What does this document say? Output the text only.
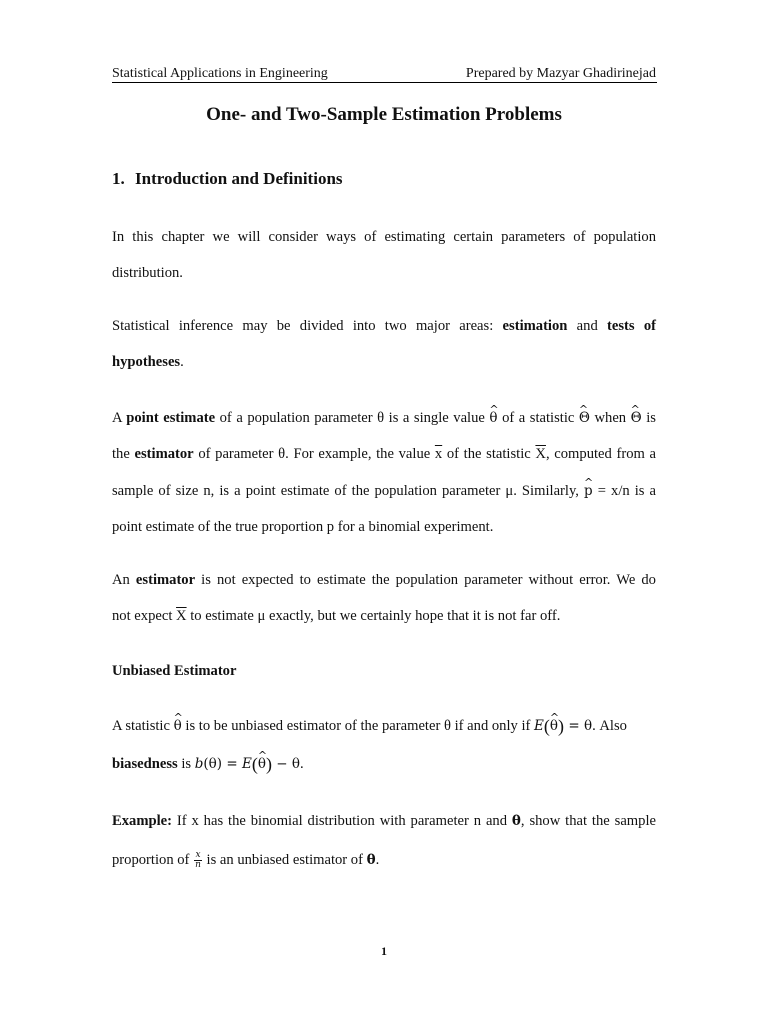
Statistical Applications in Engineering	Prepared by Mazyar Ghadirinejad
One- and Two-Sample Estimation Problems
1. Introduction and Definitions
In this chapter we will consider ways of estimating certain parameters of population
distribution.
Statistical inference may be divided into two major areas: estimation and tests of
hypotheses.
A point estimate of a population parameter θ is a single value ^ θ of a statistic ^ Θ when ^ Θ is
the estimator of parameter θ. For example, the value $\overline{x}$ of the statistic $\overline{X}$, computed from a
sample of size n, is a point estimate of the population parameter μ. Similarly, ^ p = x/n is a
point estimate of the true proportion p for a binomial experiment.
An estimator is not expected to estimate the population parameter without error. We do
not expect $\overline{X}$ to estimate μ exactly, but we certainly hope that it is not far off.
Unbiased Estimator
A statistic ^ θ is to be unbiased estimator of the parameter θ if and only if E(^ θ) = θ. Also
biasedness is b(θ) = E(^ θ) − θ.
Example: If x has the binomial distribution with parameter n and θ, show that the sample
proportion of $\frac{x}{n}$ is an unbiased estimator of θ.
1
